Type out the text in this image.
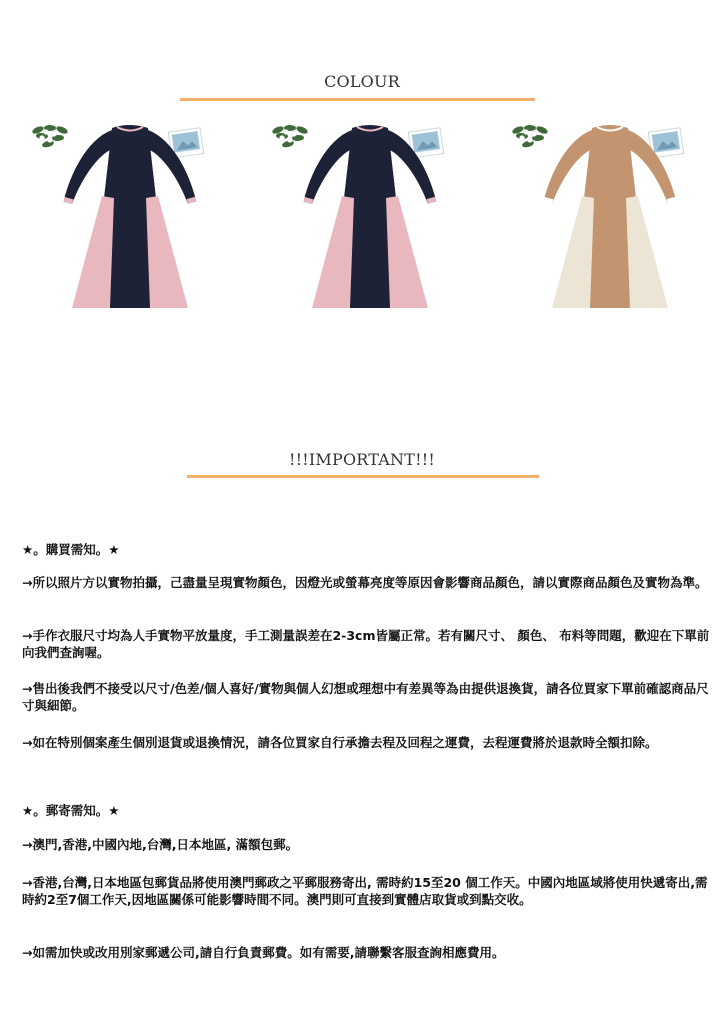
COLOUR
!!!IMPORTANT!!!
★。購買需知。★
→所以照片方以實物拍攝，己盡量呈現實物顏色，因燈光或螢幕亮度等原因會影響商品顏色，請以實際商品顏色及實物為準。
→手作衣服尺寸均為人手實物平放量度，手工測量誤差在2-3cm皆屬正常。若有關尺寸、 顏色、 布料等問題，歡迎在下單前向我們查詢喔。
→售出後我們不接受以尺寸/色差/個人喜好/實物與個人幻想或理想中有差異等為由提供退換貨，請各位買家下單前確認商品尺寸與細節。
→如在特別個案產生個別退貨或退換情況，請各位買家自行承擔去程及回程之運費，去程運費將於退款時全額扣除。
★。郵寄需知。★
→澳門,香港,中國內地,台灣,日本地區, 滿額包郵。
→香港,台灣,日本地區包郵貨品將使用澳門郵政之平郵服務寄出, 需時約15至20 個工作天。中國內地區域將使用快遞寄出,需時約2至7個工作天,因地區關係可能影響時間不同。澳門則可直接到實體店取貨或到點交收。
→如需加快或改用別家郵遞公司,請自行負責郵費。如有需要,請聯繫客服查詢相應費用。
